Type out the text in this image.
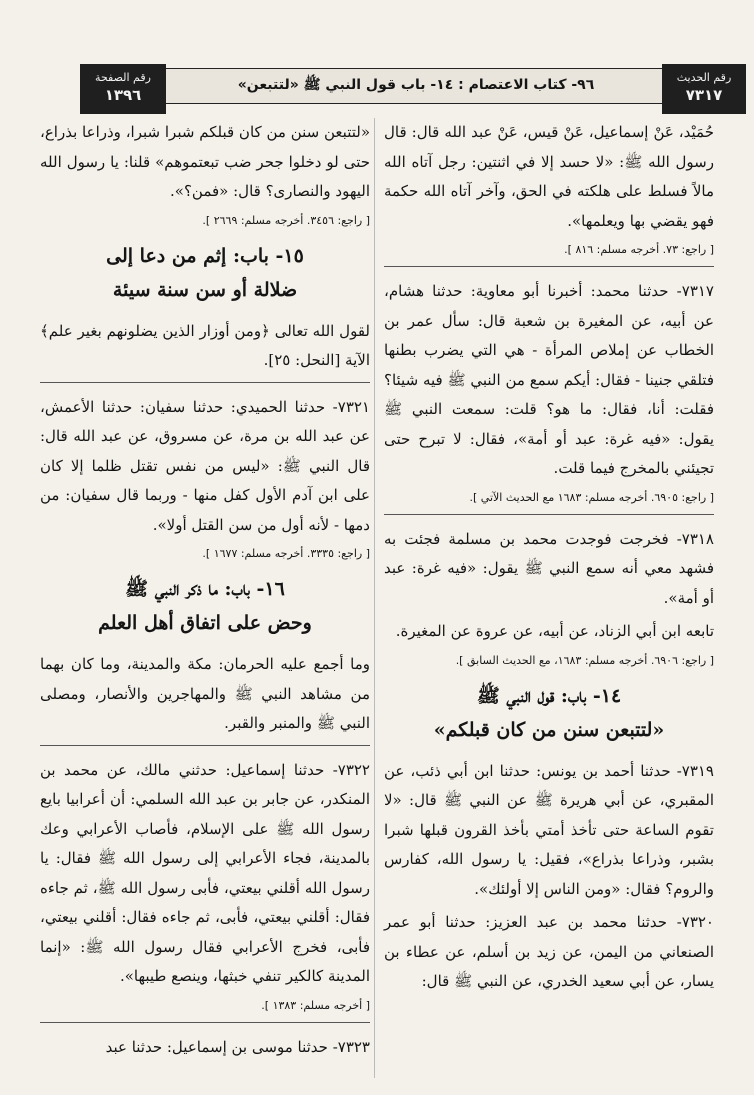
رقم الحديث
٧٣١٧
رقم الصفحة
١٣٩٦
٩٦- كتاب الاعتصام : ١٤- باب قول النبي ﷺ «لتتبعن»

حُمَيْد، عَنْ إسماعيل، عَنْ قيس، عَنْ عبد الله قال: قال رسول الله ﷺ: «لا حسد إلا في اثنتين: رجل آتاه الله مالاً فسلط على هلكته في الحق، وآخر آتاه الله حكمة فهو يقضي بها ويعلمها».

[ راجع: ٧٣. أخرجه مسلم: ٨١٦ ].

٧٣١٧- حدثنا محمد: أخبرنا أبو معاوية: حدثنا هشام، عن أبيه، عن المغيرة بن شعبة قال: سأل عمر بن الخطاب عن إملاص المرأة - هي التي يضرب بطنها فتلقي جنينا - فقال: أيكم سمع من النبي ﷺ فيه شيئا؟ فقلت: أنا، فقال: ما هو؟ قلت: سمعت النبي ﷺ يقول: «فيه غرة: عبد أو أمة»، فقال: لا تبرح حتى تجيئني بالمخرج فيما قلت.

[ راجع: ٦٩٠٥. أخرجه مسلم: ١٦٨٣ مع الحديث الآتي ].

٧٣١٨- فخرجت فوجدت محمد بن مسلمة فجئت به فشهد معي أنه سمع النبي ﷺ يقول: «فيه غرة: عبد أو أمة».

تابعه ابن أبي الزناد، عن أبيه، عن عروة عن المغيرة.

[ راجع: ٦٩٠٦. أخرجه مسلم: ١٦٨٣، مع الحديث السابق ].

١٤- باب: قول النبي ﷺ
«لتتبعن سنن من كان قبلكم»

٧٣١٩- حدثنا أحمد بن يونس: حدثنا ابن أبي ذئب، عن المقبري، عن أبي هريرة ﷺ عن النبي ﷺ قال: «لا تقوم الساعة حتى تأخذ أمتي بأخذ القرون قبلها شبرا بشبر، وذراعا بذراع»، فقيل: يا رسول الله، كفارس والروم؟ فقال: «ومن الناس إلا أولئك».

٧٣٢٠- حدثنا محمد بن عبد العزيز: حدثنا أبو عمر الصنعاني من اليمن، عن زيد بن أسلم، عن عطاء بن يسار، عن أبي سعيد الخدري، عن النبي ﷺ قال:

«لتتبعن سنن من كان قبلكم شبرا شبرا، وذراعا بذراع، حتى لو دخلوا جحر ضب تبعتموهم» قلنا: يا رسول الله اليهود والنصارى؟ قال: «فمن؟».

[ راجع: ٣٤٥٦. أخرجه مسلم: ٢٦٦٩ ].

١٥- باب: إثم من دعا إلى
ضلالة أو سن سنة سيئة

لقول الله تعالى ﴿ومن أوزار الذين يضلونهم بغير علم﴾ الآية [النحل: ٢٥].

٧٣٢١- حدثنا الحميدي: حدثنا سفيان: حدثنا الأعمش، عن عبد الله بن مرة، عن مسروق، عن عبد الله قال: قال النبي ﷺ: «ليس من نفس تقتل ظلما إلا كان على ابن آدم الأول كفل منها - وربما قال سفيان: من دمها - لأنه أول من سن القتل أولا».

[ راجع: ٣٣٣٥. أخرجه مسلم: ١٦٧٧ ].

١٦- باب: ما ذكر النبي ﷺ
وحض على اتفاق أهل العلم

وما أجمع عليه الحرمان: مكة والمدينة، وما كان بهما من مشاهد النبي ﷺ والمهاجرين والأنصار، ومصلى النبي ﷺ والمنبر والقبر.

٧٣٢٢- حدثنا إسماعيل: حدثني مالك، عن محمد بن المنكدر، عن جابر بن عبد الله السلمي: أن أعرابيا بايع رسول الله ﷺ على الإسلام، فأصاب الأعرابي وعك بالمدينة، فجاء الأعرابي إلى رسول الله ﷺ فقال: يا رسول الله أقلني بيعتي، فأبى رسول الله ﷺ، ثم جاءه فقال: أقلني بيعتي، فأبى، ثم جاءه فقال: أقلني بيعتي، فأبى، فخرج الأعرابي فقال رسول الله ﷺ: «إنما المدينة كالكير تنفي خبثها، وينصع طيبها».

[ أخرجه مسلم: ١٣٨٣ ].

٧٣٢٣- حدثنا موسى بن إسماعيل: حدثنا عبد
